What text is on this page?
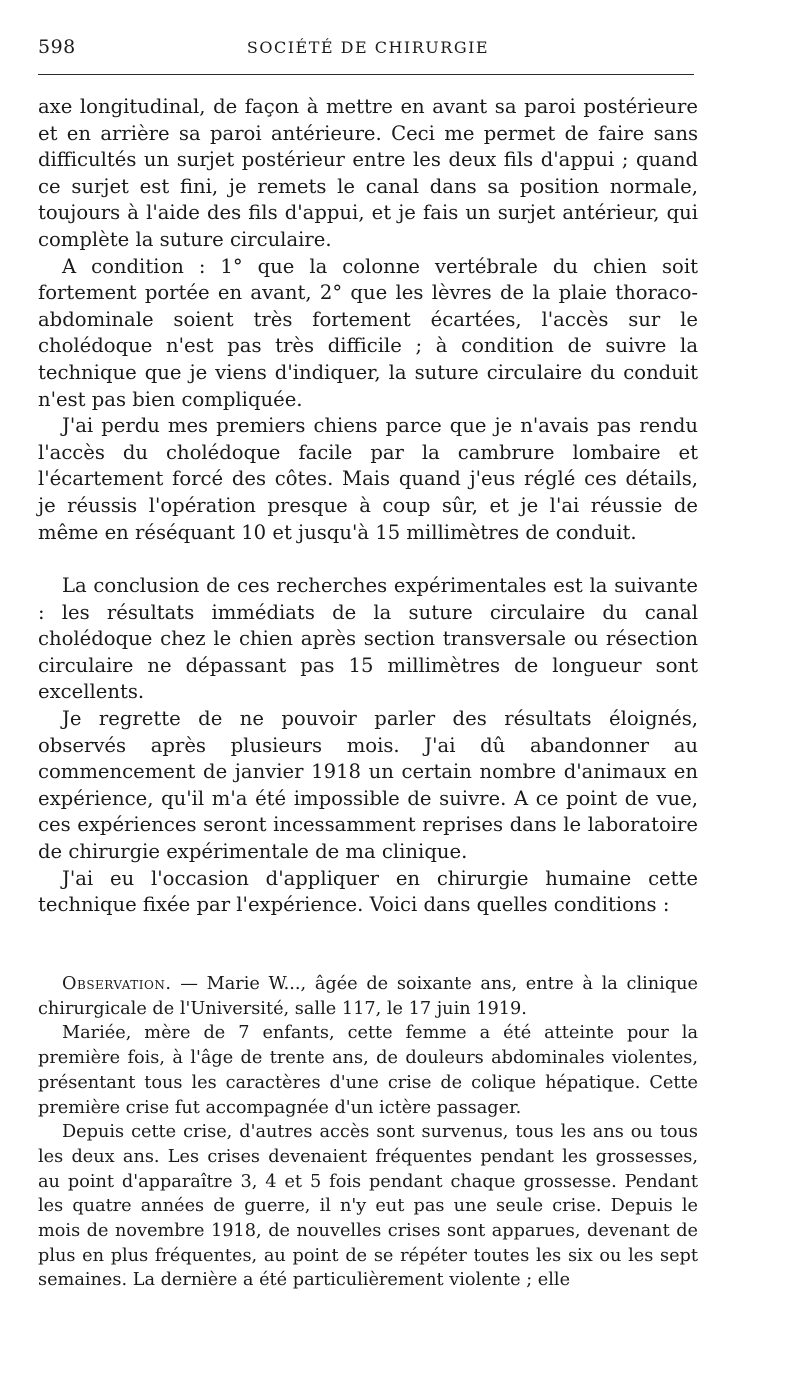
598	SOCIÉTÉ DE CHIRURGIE

axe longitudinal, de façon à mettre en avant sa paroi postérieure et en arrière sa paroi antérieure. Ceci me permet de faire sans difficultés un surjet postérieur entre les deux fils d'appui ; quand ce surjet est fini, je remets le canal dans sa position normale, toujours à l'aide des fils d'appui, et je fais un surjet antérieur, qui complète la suture circulaire.

A condition : 1° que la colonne vertébrale du chien soit fortement portée en avant, 2° que les lèvres de la plaie thoraco-abdominale soient très fortement écartées, l'accès sur le cholédoque n'est pas très difficile ; à condition de suivre la technique que je viens d'indiquer, la suture circulaire du conduit n'est pas bien compliquée.

J'ai perdu mes premiers chiens parce que je n'avais pas rendu l'accès du cholédoque facile par la cambrure lombaire et l'écartement forcé des côtes. Mais quand j'eus réglé ces détails, je réussis l'opération presque à coup sûr, et je l'ai réussie de même en réséquant 10 et jusqu'à 15 millimètres de conduit.

La conclusion de ces recherches expérimentales est la suivante : les résultats immédiats de la suture circulaire du canal cholédoque chez le chien après section transversale ou résection circulaire ne dépassant pas 15 millimètres de longueur sont excellents.

Je regrette de ne pouvoir parler des résultats éloignés, observés après plusieurs mois. J'ai dû abandonner au commencement de janvier 1918 un certain nombre d'animaux en expérience, qu'il m'a été impossible de suivre. A ce point de vue, ces expériences seront incessamment reprises dans le laboratoire de chirurgie expérimentale de ma clinique.

J'ai eu l'occasion d'appliquer en chirurgie humaine cette technique fixée par l'expérience. Voici dans quelles conditions :

Observation. — Marie W..., âgée de soixante ans, entre à la clinique chirurgicale de l'Université, salle 117, le 17 juin 1919.

Mariée, mère de 7 enfants, cette femme a été atteinte pour la première fois, à l'âge de trente ans, de douleurs abdominales violentes, présentant tous les caractères d'une crise de colique hépatique. Cette première crise fut accompagnée d'un ictère passager.

Depuis cette crise, d'autres accès sont survenus, tous les ans ou tous les deux ans. Les crises devenaient fréquentes pendant les grossesses, au point d'apparaître 3, 4 et 5 fois pendant chaque grossesse. Pendant les quatre années de guerre, il n'y eut pas une seule crise. Depuis le mois de novembre 1918, de nouvelles crises sont apparues, devenant de plus en plus fréquentes, au point de se répéter toutes les six ou les sept semaines. La dernière a été particulièrement violente ; elle
